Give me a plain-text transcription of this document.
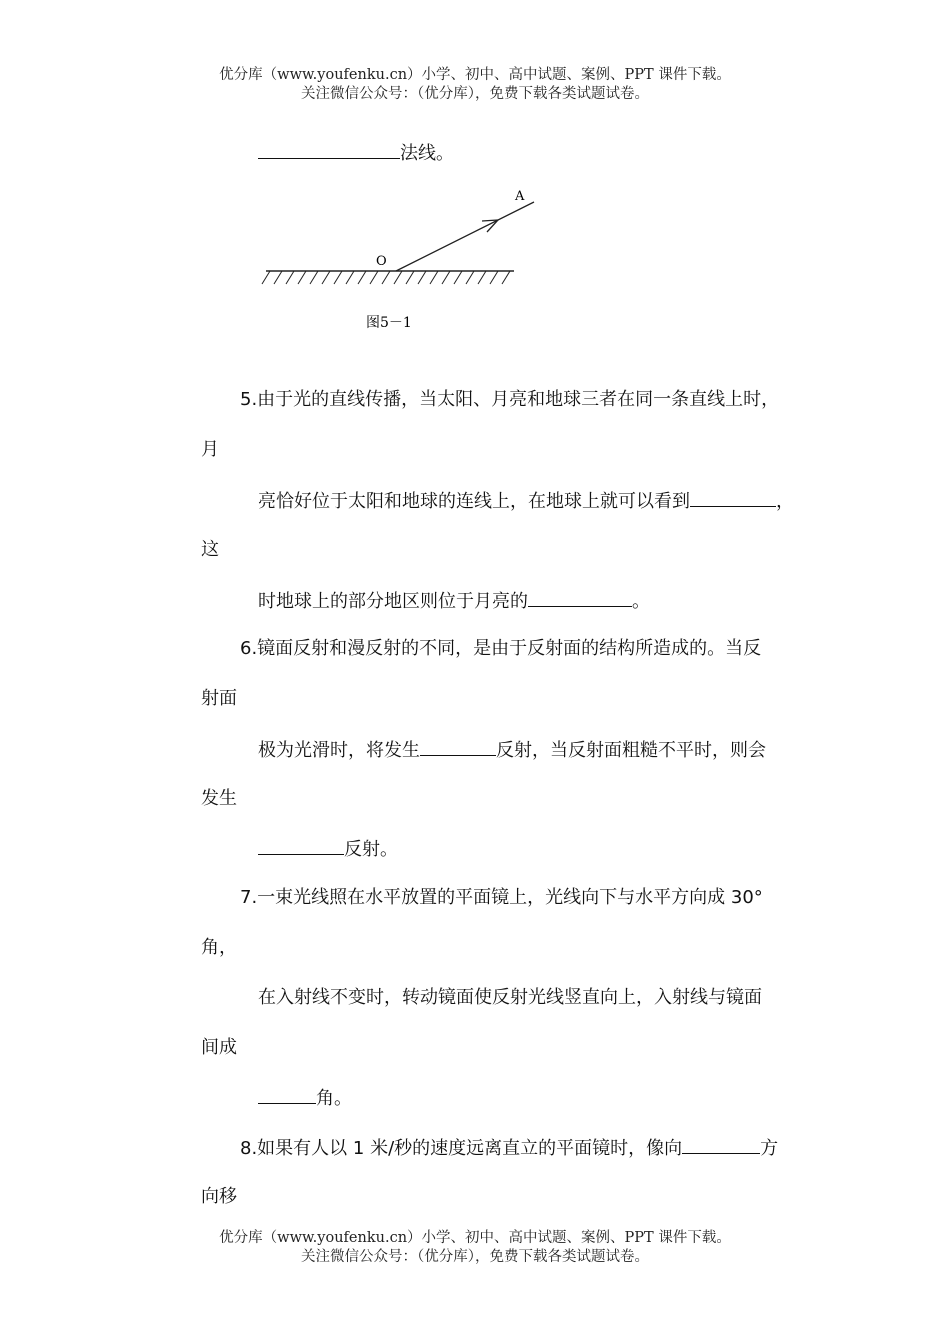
优分库（www.youfenku.cn）小学、初中、高中试题、案例、PPT 课件下载。
关注微信公众号：（优分库），免费下载各类试题试卷。
法线。
A
O
图5－1
5.由于光的直线传播，当太阳、月亮和地球三者在同一条直线上时，
月
亮恰好位于太阳和地球的连线上，在地球上就可以看到	，
这
时地球上的部分地区则位于月亮的	。
6.镜面反射和漫反射的不同，是由于反射面的结构所造成的。当反
射面
极为光滑时，将发生	反射，当反射面粗糙不平时，则会
发生
反射。
7.一束光线照在水平放置的平面镜上，光线向下与水平方向成 30°
角，
在入射线不变时，转动镜面使反射光线竖直向上，入射线与镜面
间成
角。
8.如果有人以 1 米/秒的速度远离直立的平面镜时，像向	方
向移
优分库（www.youfenku.cn）小学、初中、高中试题、案例、PPT 课件下载。
关注微信公众号：（优分库），免费下载各类试题试卷。
